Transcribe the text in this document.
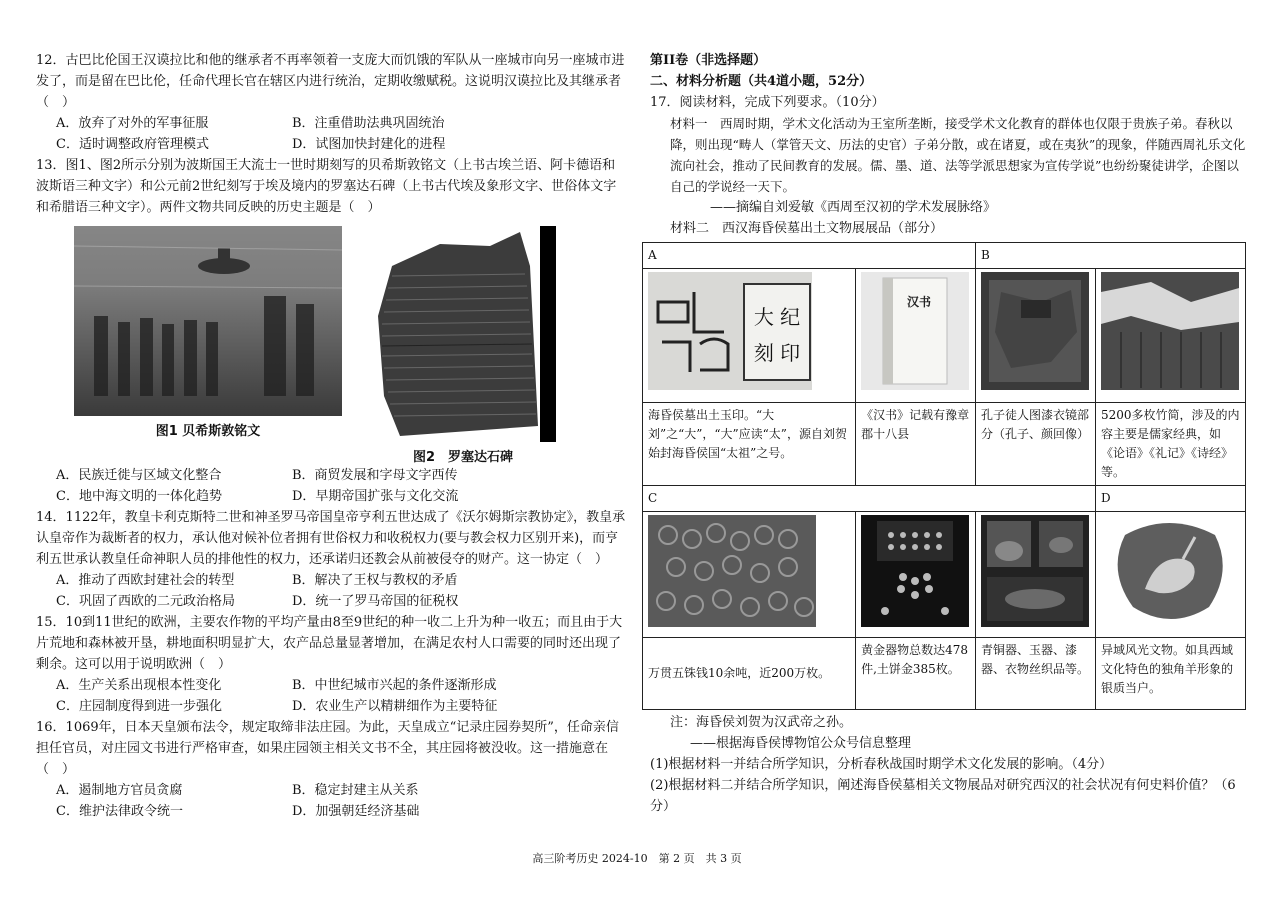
12．古巴比伦国王汉谟拉比和他的继承者不再率领着一支庞大而饥饿的军队从一座城市向另一座城市进发了，而是留在巴比伦，任命代理长官在辖区内进行统治，定期收缴赋税。这说明汉谟拉比及其继承者（　）

A．放弃了对外的军事征服	B．注重借助法典巩固统治
C．适时调整政府管理模式	D．试图加快封建化的进程

13．图1、图2所示分别为波斯国王大流士一世时期刻写的贝希斯敦铭文（上书古埃兰语、阿卡德语和波斯语三种文字）和公元前2世纪刻写于埃及境内的罗塞达石碑（上书古代埃及象形文字、世俗体文字和希腊语三种文字）。两件文物共同反映的历史主题是（　）

图1 贝希斯敦铭文
图2　罗塞达石碑
A．民族迁徙与区域文化整合	B．商贸发展和字母文字西传
C．地中海文明的一体化趋势	D．早期帝国扩张与文化交流

14．1122年，教皇卡利克斯特二世和神圣罗马帝国皇帝亨利五世达成了《沃尔姆斯宗教协定》，教皇承认皇帝作为裁断者的权力，承认他对候补位者拥有世俗权力和收税权力(要与教会权力区别开来)，而亨利五世承认教皇任命神职人员的排他性的权力，还承诺归还教会从前被侵夺的财产。这一协定（　）

A．推动了西欧封建社会的转型	B．解决了王权与教权的矛盾
C．巩固了西欧的二元政治格局	D．统一了罗马帝国的征税权

15．10到11世纪的欧洲，主要农作物的平均产量由8至9世纪的种一收二上升为种一收五；而且由于大片荒地和森林被开垦，耕地面积明显扩大，农产品总量显著增加，在满足农村人口需要的同时还出现了剩余。这可以用于说明欧洲（　）

A．生产关系出现根本性变化	B．中世纪城市兴起的条件逐渐形成
C．庄园制度得到进一步强化	D．农业生产以精耕细作为主要特征

16．1069年，日本天皇颁布法令，规定取缔非法庄园。为此，天皇成立“记录庄园券契所”，任命亲信担任官员，对庄园文书进行严格审查，如果庄园领主相关文书不全，其庄园将被没收。这一措施意在（　）

A．遏制地方官员贪腐	B．稳定封建主从关系
C．维护法律政令统一	D．加强朝廷经济基础

第II卷（非选择题）

二、材料分析题（共4道小题，52分）

17．阅读材料，完成下列要求。（10分）

材料一　西周时期，学术文化活动为王室所垄断，接受学术文化教育的群体也仅限于贵族子弟。春秋以降，则出现“畴人（掌管天文、历法的史官）子弟分散，或在诸夏，或在夷狄”的现象，伴随西周礼乐文化流向社会，推动了民间教育的发展。儒、墨、道、法等学派思想家为宣传学说”也纷纷聚徒讲学，企图以自己的学说经一天下。

——摘编自刘爱敏《西周至汉初的学术发展脉络》

材料二　西汉海昏侯墓出土文物展展品（部分）

A		B	

大 纪
刻 印	汉书

海昏侯墓出土玉印。“大刘”之“大”，“大”应读“太”，源自刘贺始封海昏侯国“太祖”之号。	《汉书》记载有豫章郡十八县	孔子徒人图漆衣镜部分（孔子、颜回像）	5200多枚竹简，涉及的内容主要是儒家经典，如《论语》《礼记》《诗经》等。
C			D

万贯五铢钱10余吨，近200万枚。	黄金器物总数达478件,土饼金385枚。	青铜器、玉器、漆器、衣物丝织品等。	异域风光文物。如具西域文化特色的独角羊形象的银质当户。

注：海昏侯刘贺为汉武帝之孙。

——根据海昏侯博物馆公众号信息整理

(1)根据材料一并结合所学知识，分析春秋战国时期学术文化发展的影响。（4分）

(2)根据材料二并结合所学知识，阐述海昏侯墓相关文物展品对研究西汉的社会状况有何史料价值？（6分）

高三阶考历史 2024-10　第 2 页　共 3 页
